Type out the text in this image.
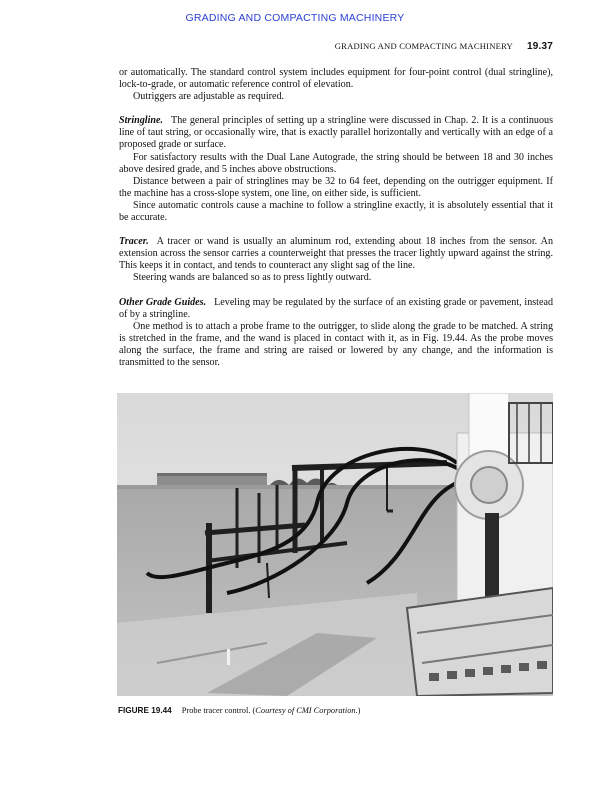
GRADING AND COMPACTING MACHINERY
GRADING AND COMPACTING MACHINERY 19.37

or automatically. The standard control system includes equipment for four-point control (dual stringline), lock-to-grade, or automatic reference control of elevation.

Outriggers are adjustable as required.

Stringline. The general principles of setting up a stringline were discussed in Chap. 2. It is a continuous line of taut string, or occasionally wire, that is exactly parallel horizontally and vertically with an edge of a proposed grade or surface.

For satisfactory results with the Dual Lane Autograde, the string should be between 18 and 30 inches above desired grade, and 5 inches above obstructions.

Distance between a pair of stringlines may be 32 to 64 feet, depending on the outrigger equipment. If the machine has a cross-slope system, one line, on either side, is sufficient.

Since automatic controls cause a machine to follow a stringline exactly, it is absolutely essential that it be accurate.

Tracer. A tracer or wand is usually an aluminum rod, extending about 18 inches from the sensor. An extension across the sensor carries a counterweight that presses the tracer lightly upward against the string. This keeps it in contact, and tends to counteract any slight sag of the line.

Steering wands are balanced so as to press lightly outward.

Other Grade Guides. Leveling may be regulated by the surface of an existing grade or pavement, instead of by a stringline.

One method is to attach a probe frame to the outrigger, to slide along the grade to be matched. A string is stretched in the frame, and the wand is placed in contact with it, as in Fig. 19.44. As the probe moves along the surface, the frame and string are raised or lowered by any change, and the information is transmitted to the sensor.

FIGURE 19.44 Probe tracer control. (Courtesy of CMI Corporation.)
